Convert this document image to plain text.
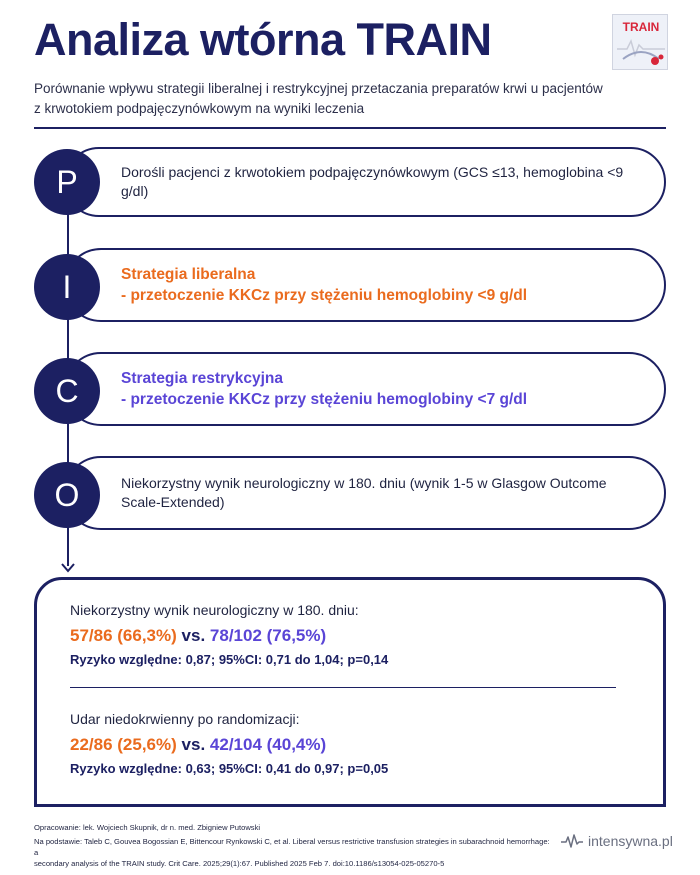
Analiza wtórna TRAIN	TRAIN
Porównanie wpływu strategii liberalnej i restrykcyjnej przetaczania preparatów krwi u pacjentów
z krwotokiem podpajęczynówkowym na wyniki leczenia
P	Dorośli pacjenci z krwotokiem podpajęczynówkowym (GCS ≤13, hemoglobina <9 g/dl)
I	Strategia liberalna
- przetoczenie KKCz przy stężeniu hemoglobiny <9 g/dl
C	Strategia restrykcyjna
- przetoczenie KKCz przy stężeniu hemoglobiny <7 g/dl
O	Niekorzystny wynik neurologiczny w 180. dniu (wynik 1-5 w Glasgow Outcome
Scale-Extended)
Niekorzystny wynik neurologiczny w 180. dniu:
57/86 (66,3%) vs. 78/102 (76,5%)
Ryzyko względne: 0,87; 95%CI: 0,71 do 1,04; p=0,14
Udar niedokrwienny po randomizacji:
22/86 (25,6%) vs. 42/104 (40,4%)
Ryzyko względne: 0,63; 95%CI: 0,41 do 0,97; p=0,05
Opracowanie: lek. Wojciech Skupnik, dr n. med. Zbigniew Putowski
Na podstawie: Taleb C, Gouvea Bogossian E, Bittencour Rynkowski C, et al. Liberal versus restrictive transfusion strategies in subarachnoid hemorrhage: a
secondary analysis of the TRAIN study. Crit Care. 2025;29(1):67. Published 2025 Feb 7. doi:10.1186/s13054-025-05270-5
intensywna.pl
